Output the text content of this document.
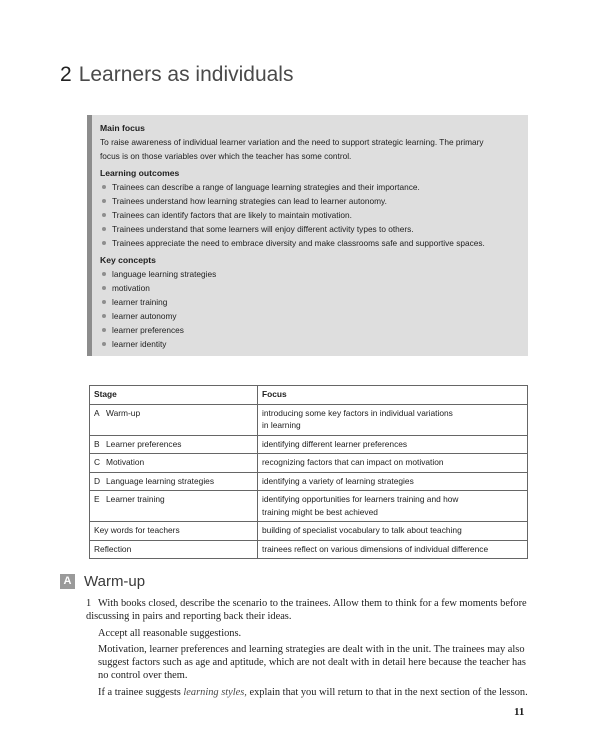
2 Learners as individuals
Main focus

To raise awareness of individual learner variation and the need to support strategic learning. The primary
focus is on those variables over which the teacher has some control.

Learning outcomes
Trainees can describe a range of language learning strategies and their importance.
Trainees understand how learning strategies can lead to learner autonomy.
Trainees can identify factors that are likely to maintain motivation.
Trainees understand that some learners will enjoy different activity types to others.
Trainees appreciate the need to embrace diversity and make classrooms safe and supportive spaces.
Key concepts
language learning strategies
motivation
learner training
learner autonomy
learner preferences
learner identity
Stage	Focus
A Warm-up	introducing some key factors in individual variations
in learning
B Learner preferences	identifying different learner preferences
C Motivation	recognizing factors that can impact on motivation
D Language learning strategies	identifying a variety of learning strategies
E Learner training	identifying opportunities for learners training and how
training might be best achieved
Key words for teachers	building of specialist vocabulary to talk about teaching
Reflection	trainees reflect on various dimensions of individual difference
A Warm-up

1 With books closed, describe the scenario to the trainees. Allow them to think for a few moments before discussing in pairs and reporting back their ideas.

Accept all reasonable suggestions.

Motivation, learner preferences and learning strategies are dealt with in the unit. The trainees may also suggest factors such as age and aptitude, which are not dealt with in detail here because the teacher has no control over them.

If a trainee suggests learning styles, explain that you will return to that in the next section of the lesson.

11
